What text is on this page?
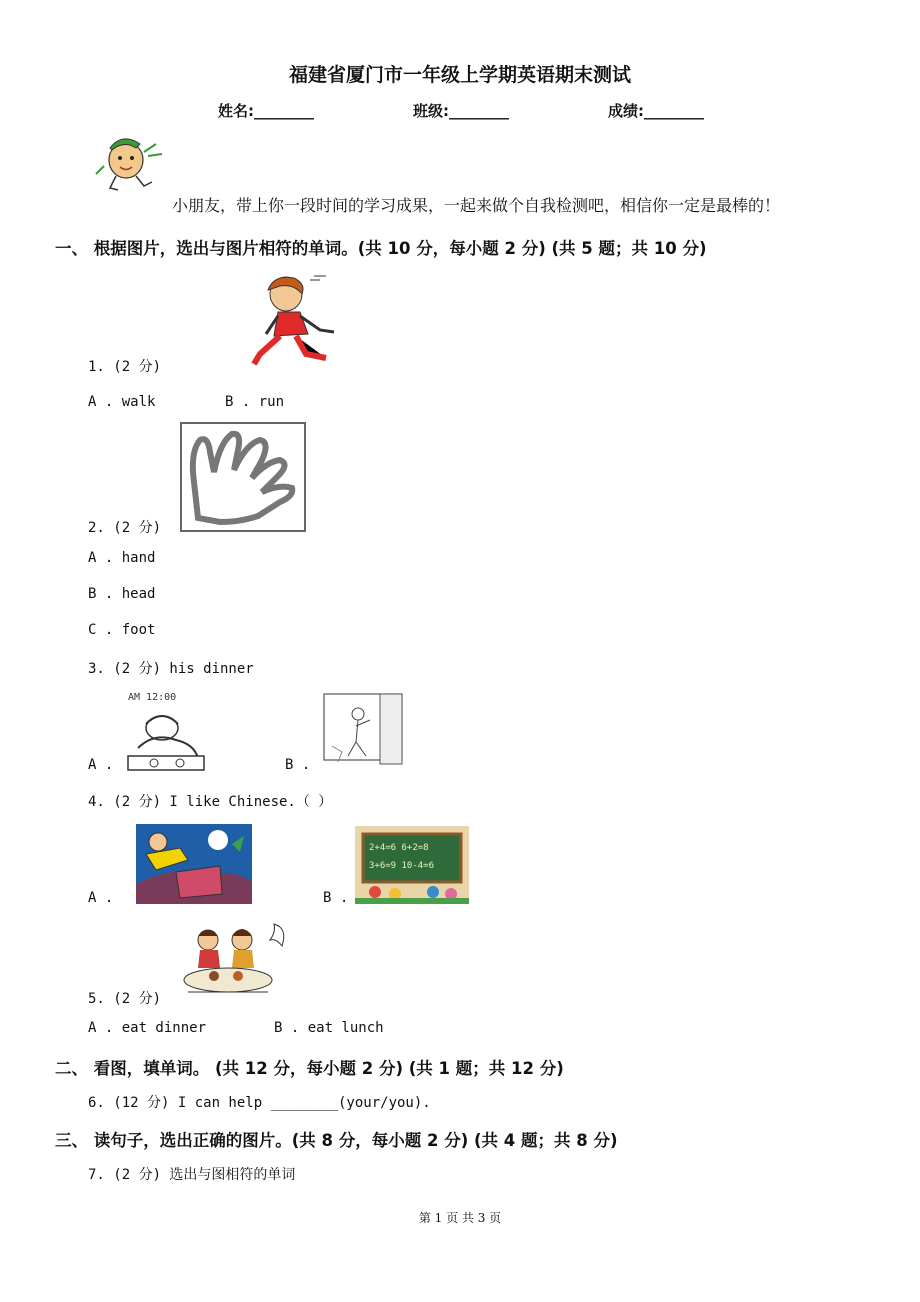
福建省厦门市一年级上学期英语期末测试
姓名:________	班级:________	成绩:________
小朋友，带上你一段时间的学习成果，一起来做个自我检测吧，相信你一定是最棒的！
一、 根据图片，选出与图片相符的单词。(共 10 分，每小题 2 分) (共 5 题；共 10 分)
1. (2 分)
A . walk	B . run
2. (2 分)
A . hand
B . head
C . foot
3. (2 分) his dinner
AM 12:00
A .	B .
4. (2 分) I like Chinese.（ ）
2+4=6 6+2=8
3+6=9 10-4=6
A .	B .
5. (2 分)
A . eat dinner	B . eat lunch
二、 看图，填单词。 (共 12 分，每小题 2 分) (共 1 题；共 12 分)
6. (12 分) I can help ________(your/you).
三、 读句子，选出正确的图片。(共 8 分，每小题 2 分) (共 4 题；共 8 分)
7. (2 分) 选出与图相符的单词
第 1 页 共 3 页
